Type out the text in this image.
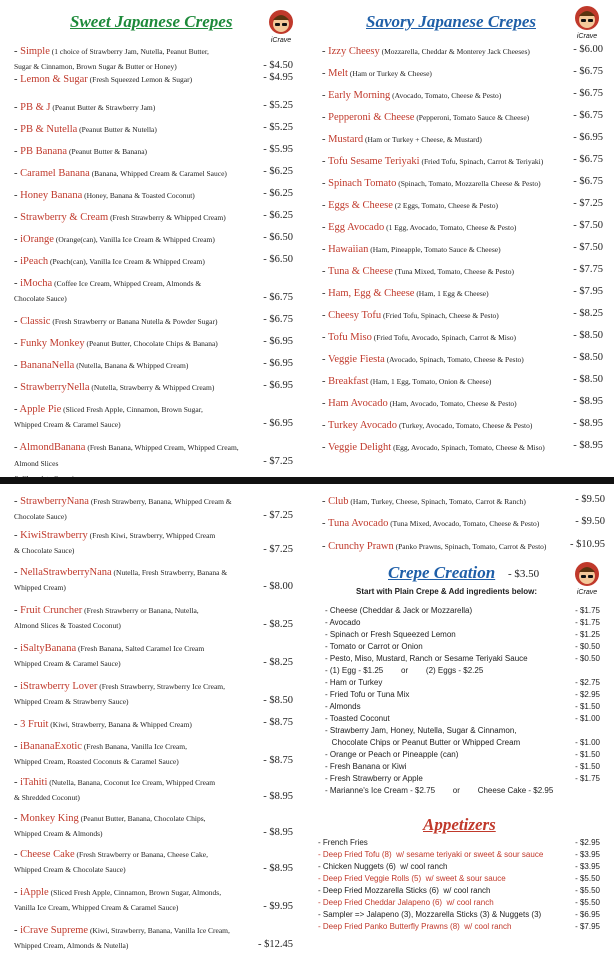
Sweet Japanese Crepes
iCrave
Savory Japanese Crepes
iCrave
- Simple (1 choice of Strawberry Jam, Nutella, Peanut Butter,
Sugar & Cinnamon, Brown Sugar & Butter or Honey)	- $4.50
- Lemon & Sugar (Fresh Squeezed Lemon & Sugar)	- $4.95
- PB & J (Peanut Butter & Strawberry Jam)	- $5.25
- PB & Nutella (Peanut Butter & Nutella)	- $5.25
- PB Banana (Peanut Butter & Banana)	- $5.95
- Caramel Banana (Banana, Whipped Cream & Caramel Sauce)	- $6.25
- Honey Banana (Honey, Banana & Toasted Coconut)	- $6.25
- Strawberry & Cream (Fresh Strawberry & Whipped Cream)	- $6.25
- iOrange (Orange(can), Vanilla Ice Cream & Whipped Cream)	- $6.50
- iPeach (Peach(can), Vanilla Ice Cream & Whipped Cream)	- $6.50
- iMocha (Coffee Ice Cream, Whipped Cream, Almonds &
Chocolate Sauce)	- $6.75
- Classic (Fresh Strawberry or Banana Nutella & Powder Sugar)	- $6.75
- Funky Monkey (Peanut Butter, Chocolate Chips & Banana)	- $6.95
- BananaNella (Nutella, Banana & Whipped Cream)	- $6.95
- StrawberryNella (Nutella, Strawberry & Whipped Cream)	- $6.95
- Apple Pie (Sliced Fresh Apple, Cinnamon, Brown Sugar,
Whipped Cream & Caramel Sauce)	- $6.95
- AlmondBanana (Fresh Banana, Whipped Cream, Whipped Cream, Almond Slices	- $7.25
- Izzy Cheesy (Mozzarella, Cheddar & Monterey Jack Cheeses)	- $6.00
- Melt (Ham or Turkey & Cheese)	- $6.75
- Early Morning (Avocado, Tomato, Cheese & Pesto)	- $6.75
- Pepperoni & Cheese (Pepperoni, Tomato Sauce & Cheese)	- $6.75
- Mustard (Ham or Turkey + Cheese, & Mustard)	- $6.95
- Tofu Sesame Teriyaki (Fried Tofu, Spinach, Carrot & Teriyaki)	- $6.75
- Spinach Tomato (Spinach, Tomato, Mozzarella Cheese & Pesto)	- $6.75
- Eggs & Cheese (2 Eggs, Tomato, Cheese & Pesto)	- $7.25
- Egg Avocado (1 Egg, Avocado, Tomato, Cheese & Pesto)	- $7.50
- Hawaiian (Ham, Pineapple, Tomato Sauce & Cheese)	- $7.50
- Tuna & Cheese (Tuna Mixed, Tomato, Cheese & Pesto)	- $7.75
- Ham, Egg & Cheese (Ham, 1 Egg & Cheese)	- $7.95
- Cheesy Tofu (Fried Tofu, Spinach, Cheese & Pesto)	- $8.25
- Tofu Miso (Fried Tofu, Avocado, Spinach, Carrot & Miso)	- $8.50
- Veggie Fiesta (Avocado, Spinach, Tomato, Cheese & Pesto)	- $8.50
- Breakfast (Ham, 1 Egg, Tomato, Onion & Cheese)	- $8.50
- Ham Avocado (Ham, Avocado, Tomato, Cheese & Pesto)	- $8.95
- Turkey Avocado (Turkey, Avocado, Tomato, Cheese & Pesto)	- $8.95
- Veggie Delight (Egg, Avocado, Spinach, Tomato, Cheese & Miso)	- $8.95
- StrawberryNana (Fresh Strawberry, Banana, Whipped Cream &
Chocolate Sauce)	- $7.25
- KiwiStrawberry (Fresh Kiwi, Strawberry, Whipped Cream
& Chocolate Sauce)	- $7.25
- NellaStrawberryNana (Nutella, Fresh Strawberry, Banana &
Whipped Cream)	- $8.00
- Fruit Cruncher (Fresh Strawberry or Banana, Nutella,
Almond Slices & Toasted Coconut)	- $8.25
- iSaltyBanana (Fresh Banana, Salted Caramel Ice Cream
Whipped Cream & Caramel Sauce)	- $8.25
- iStrawberry Lover (Fresh Strawberry, Strawberry Ice Cream,
Whipped Cream & Strawberry Sauce)	- $8.50
- 3 Fruit (Kiwi, Strawberry, Banana & Whipped Cream)	- $8.75
- iBananaExotic (Fresh Banana, Vanilla Ice Cream,
Whipped Cream, Roasted Coconuts & Caramel Sauce)	- $8.75
- iTahiti (Nutella, Banana, Coconut Ice Cream, Whipped Cream
& Shredded Coconut)	- $8.95
- Monkey King (Peanut Butter, Banana, Chocolate Chips,
Whipped Cream & Almonds)	- $8.95
- Cheese Cake (Fresh Strawberry or Banana, Cheese Cake,
Whipped Cream & Chocolate Sauce)	- $8.95
- iApple (Sliced Fresh Apple, Cinnamon, Brown Sugar, Almonds,
Vanilla Ice Cream, Whipped Cream & Caramel Sauce)	- $9.95
- iCrave Supreme (Kiwi, Strawberry, Banana, Vanilla Ice Cream,
Whipped Cream, Almonds & Nutella)	- $12.45
- Club (Ham, Turkey, Cheese, Spinach, Tomato, Carrot & Ranch)	- $9.50
- Tuna Avocado (Tuna Mixed, Avocado, Tomato, Cheese & Pesto)	- $9.50
- Crunchy Prawn (Panko Prawns, Spinach, Tomato, Carrot & Pesto)	- $10.95
Crepe Creation - $3.50
iCrave
Start with Plain Crepe & Add ingredients below:
- Cheese (Cheddar & Jack or Mozzarella)	- $1.75
- Avocado	- $1.75
- Spinach or Fresh Squeezed Lemon	- $1.25
- Tomato or Carrot or Onion	- $0.50
- Pesto, Miso, Mustard, Ranch or Sesame Teriyaki Sauce	- $0.50
- (1) Egg - $1.25        or        (2) Eggs - $2.25
- Ham or Turkey	- $2.75
- Fried Tofu or Tuna Mix	- $2.95
- Almonds	- $1.50
- Toasted Coconut	- $1.00
- Strawberry Jam, Honey, Nutella, Sugar & Cinnamon,
Chocolate Chips or Peanut Butter or Whipped Cream	- $1.00
- Orange or Peach or Pineapple (can)	- $1.50
- Fresh Banana or Kiwi	- $1.50
- Fresh Strawberry or Apple	- $1.75
- Marianne's Ice Cream - $2.75        or        Cheese Cake - $2.95
Appetizers
- French Fries	- $2.95
- Deep Fried Tofu (8)  w/ sesame teriyaki or sweet & sour sauce	- $3.95
- Chicken Nuggets (6)  w/ cool ranch	- $3.95
- Deep Fried Veggie Rolls (5)  w/ sweet & sour sauce	- $5.50
- Deep Fried Mozzarella Sticks (6)  w/ cool ranch	- $5.50
- Deep Fried Cheddar Jalapeno (6)  w/ cool ranch	- $5.50
- Sampler => Jalapeno (3), Mozzarella Sticks (3) & Nuggets (3)	- $6.95
- Deep Fried Panko Butterfly Prawns (8)  w/ cool ranch	- $7.95
